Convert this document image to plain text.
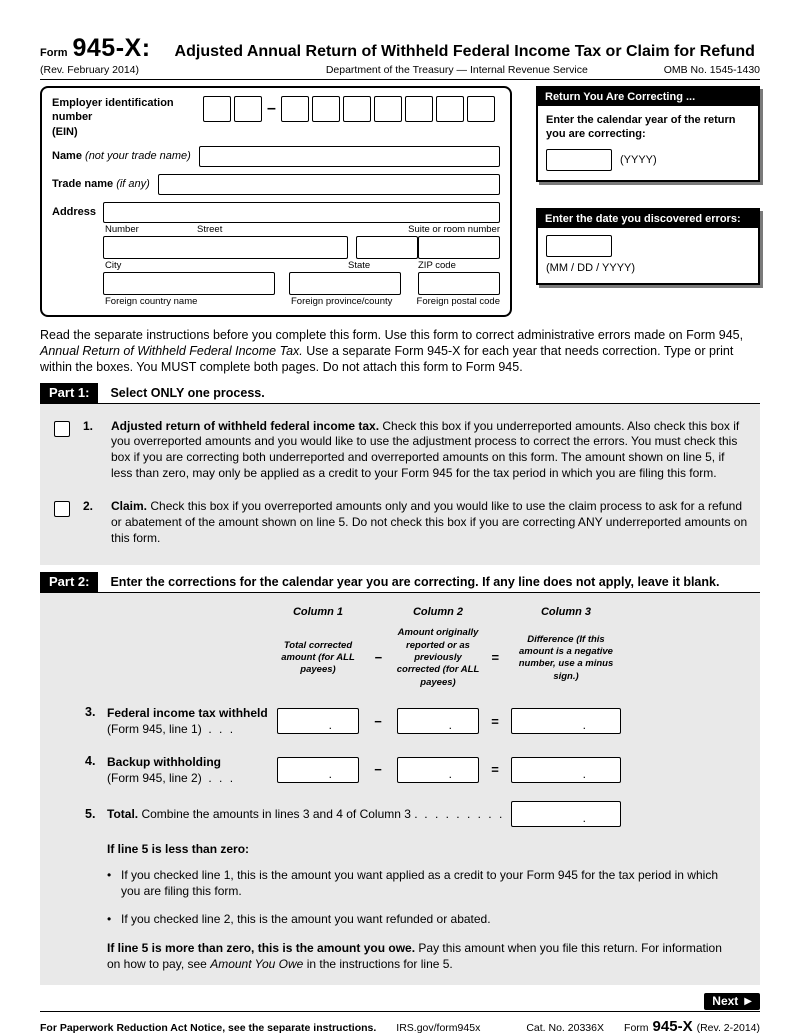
Form 945-X: Adjusted Annual Return of Withheld Federal Income Tax or Claim for Refund
(Rev. February 2014)	Department of the Treasury — Internal Revenue Service	OMB No. 1545-1430
Employer identification number
(EIN)
–
Name (not your trade name)
Trade name (if any)
Address
Number	Street	Suite or room number
City	State	ZIP code
Foreign country name	Foreign province/county	Foreign postal code
Return You Are Correcting ...
Enter the calendar year of the return you are correcting:
(YYYY)
Enter the date you discovered errors:
(MM / DD / YYYY)

Read the separate instructions before you complete this form. Use this form to correct administrative errors made on Form 945, Annual Return of Withheld Federal Income Tax. Use a separate Form 945-X for each year that needs correction. Type or print within the boxes. You MUST complete both pages. Do not attach this form to Form 945.

Part 1:	Select ONLY one process.
1.	Adjusted return of withheld federal income tax. Check this box if you underreported amounts. Also check this box if you overreported amounts and you would like to use the adjustment process to correct the errors. You must check this box if you are correcting both underreported and overreported amounts on this form. The amount shown on line 5, if less than zero, may only be applied as a credit to your Form 945 for the tax period in which you are filing this form.
2.	Claim. Check this box if you overreported amounts only and you would like to use the claim process to ask for a refund or abatement of the amount shown on line 5. Do not check this box if you are correcting ANY underreported amounts on this form.
Part 2:	Enter the corrections for the calendar year you are correcting. If any line does not apply, leave it blank.
Column 1	Column 2	Column 3
Total corrected amount (for ALL payees)
−
Amount originally reported or as previously corrected (for ALL payees)
=
Difference (If this amount is a negative number, use a minus sign.)
3. Federal income tax withheld
(Form 945, line 1) . . .	.	−	.	=	.
4. Backup withholding
(Form 945, line 2) . . .	.	−	.	=	.
5. Total. Combine the amounts in lines 3 and 4 of Column 3 . . . . . . . . .	.
If line 5 is less than zero:
• If you checked line 1, this is the amount you want applied as a credit to your Form 945 for the tax period in which you are filing this form.
• If you checked line 2, this is the amount you want refunded or abated.
If line 5 is more than zero, this is the amount you owe. Pay this amount when you file this return. For information on how to pay, see Amount You Owe in the instructions for line 5.
Next ▶
For Paperwork Reduction Act Notice, see the separate instructions. IRS.gov/form945x	Cat. No. 20336X Form 945-X (Rev. 2-2014)
